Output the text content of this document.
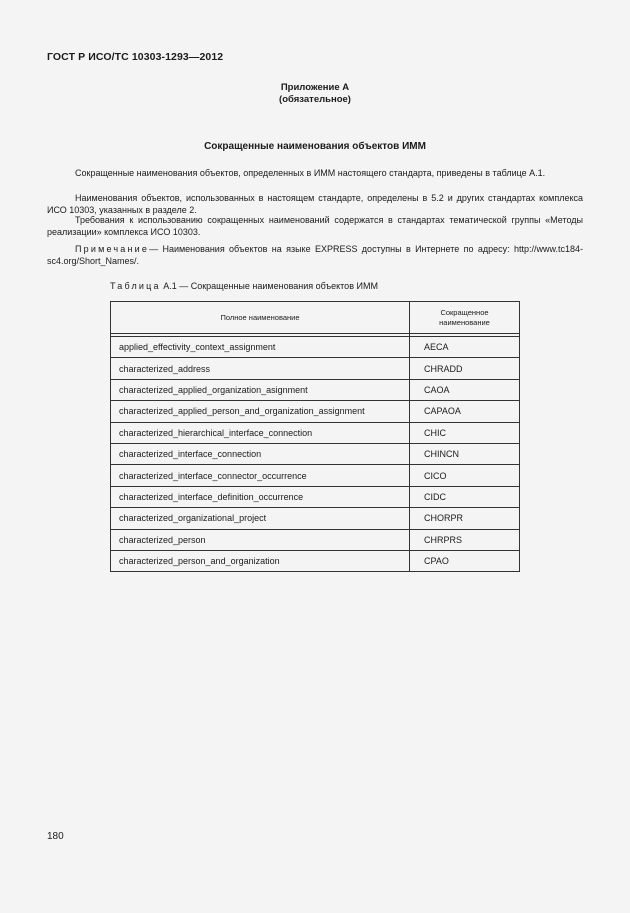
ГОСТ Р ИСО/ТС 10303-1293—2012
Приложение А
(обязательное)
Сокращенные наименования объектов ИММ
Сокращенные наименования объектов, определенных в ИММ настоящего стандарта, приведены в таблице А.1.
Наименования объектов, использованных в настоящем стандарте, определены в 5.2 и других стандартах комплекса ИСО 10303, указанных в разделе 2.
Требования к использованию сокращенных наименований содержатся в стандартах тематической группы «Методы реализации» комплекса ИСО 10303.
Примечание— Наименования объектов на языке EXPRESS доступны в Интернете по адресу: http://www.tc184-sc4.org/Short_Names/.
Таблица А.1 — Сокращенные наименования объектов ИММ
Полное наименование	Сокращенное
наименование

applied_effectivity_context_assignment	AECA
characterized_address	CHRADD
characterized_applied_organization_asignment	CAOA
characterized_applied_person_and_organization_assignment	CAPAOA
characterized_hierarchical_interface_connection	CHIC
characterized_interface_connection	CHINCN
characterized_interface_connector_occurrence	CICO
characterized_interface_definition_occurrence	CIDC
characterized_organizational_project	CHORPR
characterized_person	CHRPRS
characterized_person_and_organization	CPAO
180
